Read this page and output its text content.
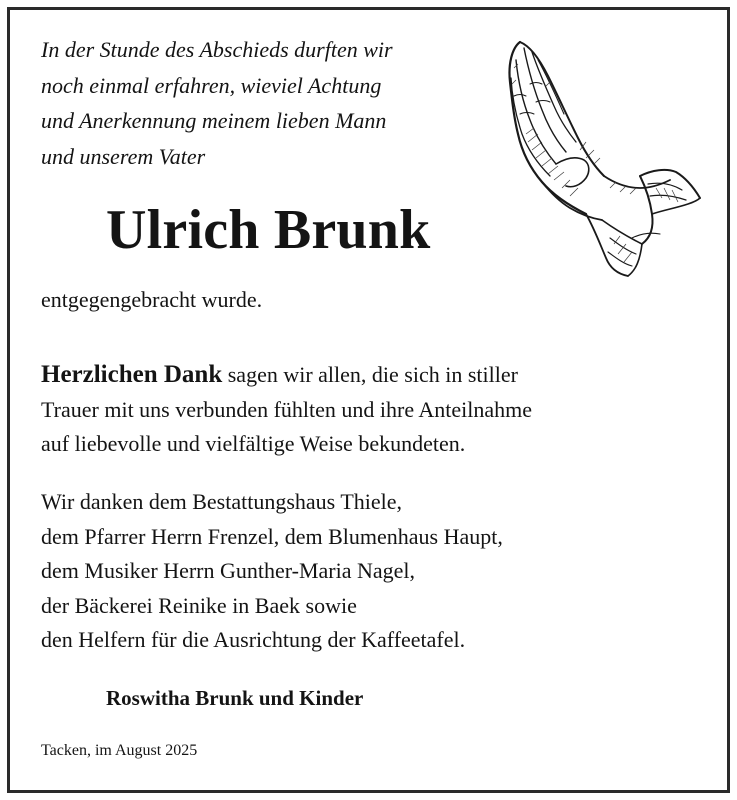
In der Stunde des Abschieds durften wir
noch einmal erfahren, wieviel Achtung
und Anerkennung meinem lieben Mann
und unserem Vater
Ulrich Brunk
entgegengebracht wurde.
Herzlichen Dank sagen wir allen, die sich in stiller
Trauer mit uns verbunden fühlten und ihre Anteilnahme
auf liebevolle und vielfältige Weise bekundeten.
Wir danken dem Bestattungshaus Thiele,
dem Pfarrer Herrn Frenzel, dem Blumenhaus Haupt,
dem Musiker Herrn Gunther-Maria Nagel,
der Bäckerei Reinike in Baek sowie
den Helfern für die Ausrichtung der Kaffeetafel.
Roswitha Brunk und Kinder
Tacken, im August 2025
